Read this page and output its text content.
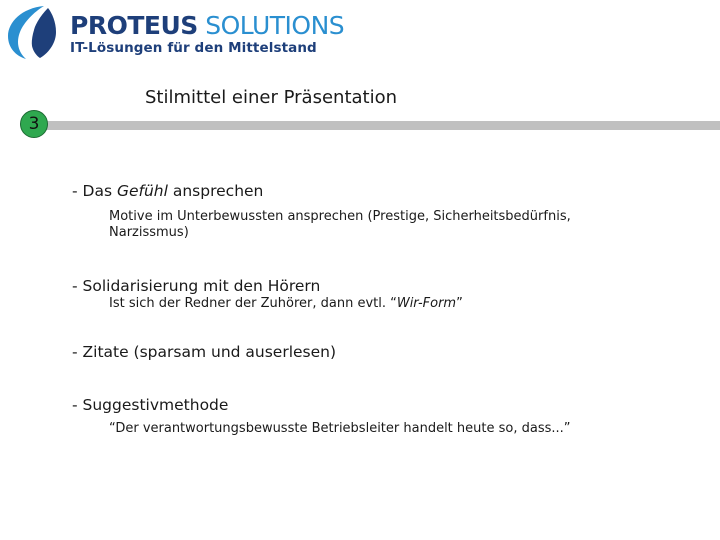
PROTEUS SOLUTIONS
IT-Lösungen für den Mittelstand
Stilmittel einer Präsentation
3
- Das Gefühl ansprechen
Motive im Unterbewussten ansprechen (Prestige, Sicherheitsbedürfnis,
Narzissmus)
- Solidarisierung mit den Hörern
Ist sich der Redner der Zuhörer, dann evtl. “Wir-Form”
- Zitate (sparsam und auserlesen)
- Suggestivmethode
“Der verantwortungsbewusste Betriebsleiter handelt heute so, dass...”
